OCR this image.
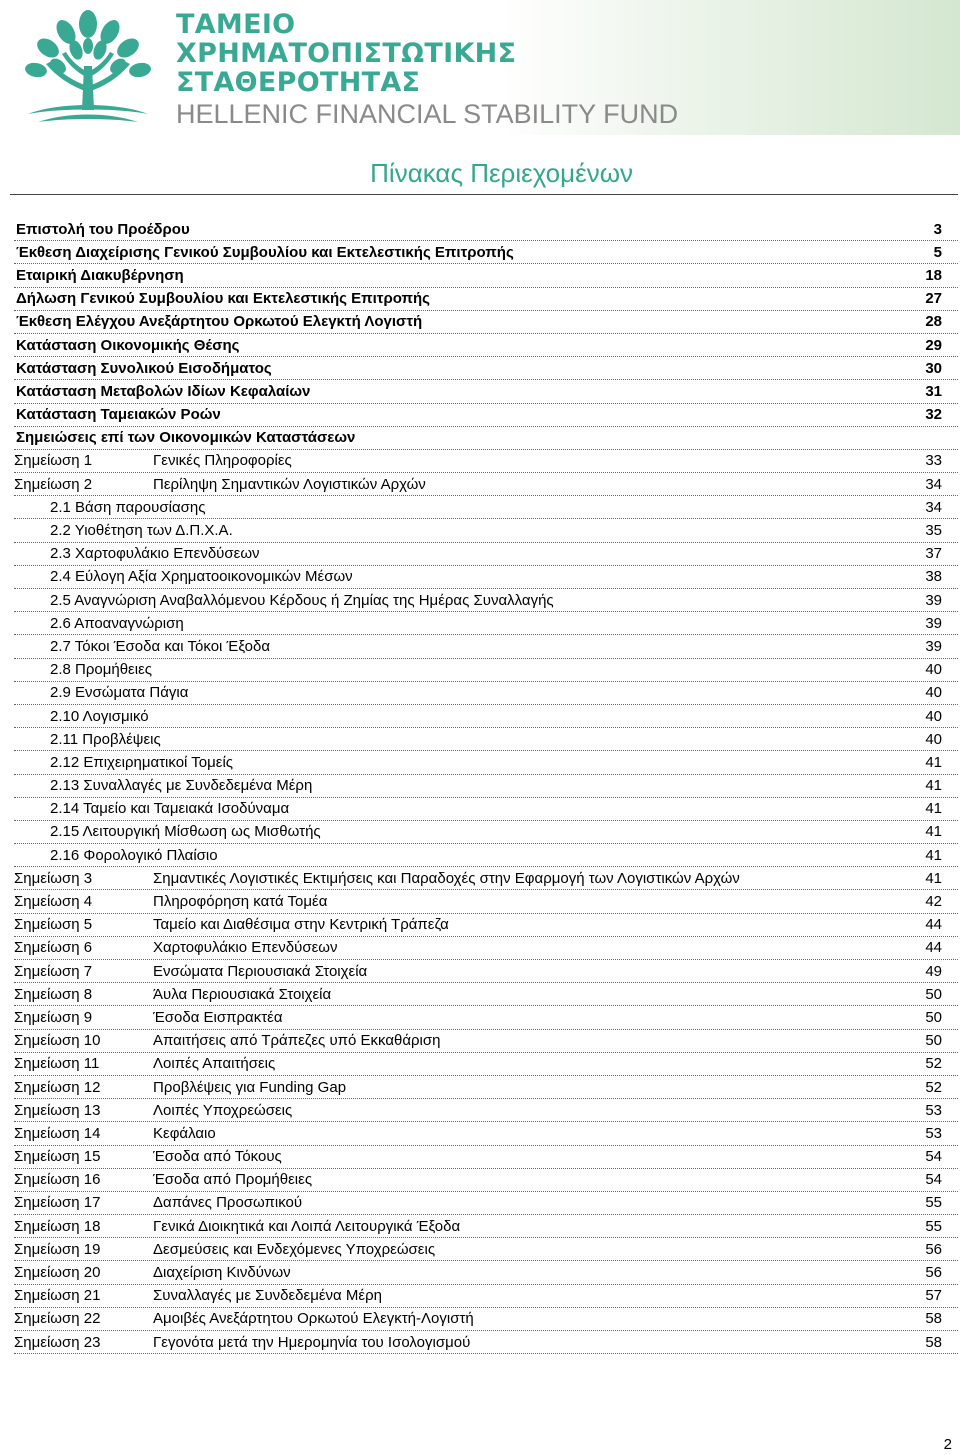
ΤΑΜΕΙΟ
ΧΡΗΜΑΤΟΠΙΣΤΩΤΙΚΗΣ
ΣΤΑΘΕΡΟΤΗΤΑΣ
HELLENIC FINANCIAL STABILITY FUND
Πίνακας Περιεχομένων
Επιστολή του Προέδρου	3
Έκθεση Διαχείρισης Γενικού Συμβουλίου και Εκτελεστικής Επιτροπής	5
Εταιρική Διακυβέρνηση	18
Δήλωση Γενικού Συμβουλίου και Εκτελεστικής Επιτροπής	27
Έκθεση Ελέγχου Ανεξάρτητου Ορκωτού Ελεγκτή Λογιστή	28
Κατάσταση Οικονομικής Θέσης	29
Κατάσταση Συνολικού Εισοδήματος	30
Κατάσταση Μεταβολών Ιδίων Κεφαλαίων	31
Κατάσταση Ταμειακών Ροών	32
Σημειώσεις επί των Οικονομικών Καταστάσεων
Σημείωση 1	Γενικές Πληροφορίες	33
Σημείωση 2	Περίληψη Σημαντικών Λογιστικών Αρχών	34
2.1 Βάση παρουσίασης	34
2.2 Υιοθέτηση των Δ.Π.Χ.Α.	35
2.3 Χαρτοφυλάκιο Επενδύσεων	37
2.4 Εύλογη Αξία Χρηματοοικονομικών Μέσων	38
2.5 Αναγνώριση Αναβαλλόμενου Κέρδους ή Ζημίας της Ημέρας Συναλλαγής	39
2.6 Αποαναγνώριση	39
2.7 Τόκοι Έσοδα και Τόκοι Έξοδα	39
2.8 Προμήθειες	40
2.9 Ενσώματα Πάγια	40
2.10 Λογισμικό	40
2.11 Προβλέψεις	40
2.12 Επιχειρηματικοί Τομείς	41
2.13 Συναλλαγές με Συνδεδεμένα Μέρη	41
2.14 Ταμείο και Ταμειακά Ισοδύναμα	41
2.15 Λειτουργική Μίσθωση ως Μισθωτής	41
2.16 Φορολογικό Πλαίσιο	41
Σημείωση 3	Σημαντικές Λογιστικές Εκτιμήσεις και Παραδοχές στην Εφαρμογή των Λογιστικών Αρχών	41
Σημείωση 4	Πληροφόρηση κατά Τομέα	42
Σημείωση 5	Ταμείο και Διαθέσιμα στην Κεντρική Τράπεζα	44
Σημείωση 6	Χαρτοφυλάκιο Επενδύσεων	44
Σημείωση 7	Ενσώματα Περιουσιακά Στοιχεία	49
Σημείωση 8	Άυλα Περιουσιακά Στοιχεία	50
Σημείωση 9	Έσοδα Εισπρακτέα	50
Σημείωση 10	Απαιτήσεις από Τράπεζες υπό Εκκαθάριση	50
Σημείωση 11	Λοιπές Απαιτήσεις	52
Σημείωση 12	Προβλέψεις για Funding Gap	52
Σημείωση 13	Λοιπές Υποχρεώσεις	53
Σημείωση 14	Κεφάλαιο	53
Σημείωση 15	Έσοδα από Τόκους	54
Σημείωση 16	Έσοδα από Προμήθειες	54
Σημείωση 17	Δαπάνες Προσωπικού	55
Σημείωση 18	Γενικά Διοικητικά και Λοιπά Λειτουργικά Έξοδα	55
Σημείωση 19	Δεσμεύσεις και Ενδεχόμενες Υποχρεώσεις	56
Σημείωση 20	Διαχείριση Κινδύνων	56
Σημείωση 21	Συναλλαγές με Συνδεδεμένα Μέρη	57
Σημείωση 22	Αμοιβές Ανεξάρτητου Ορκωτού Ελεγκτή-Λογιστή	58
Σημείωση 23	Γεγονότα μετά την Ημερομηνία του Ισολογισμού	58
2
